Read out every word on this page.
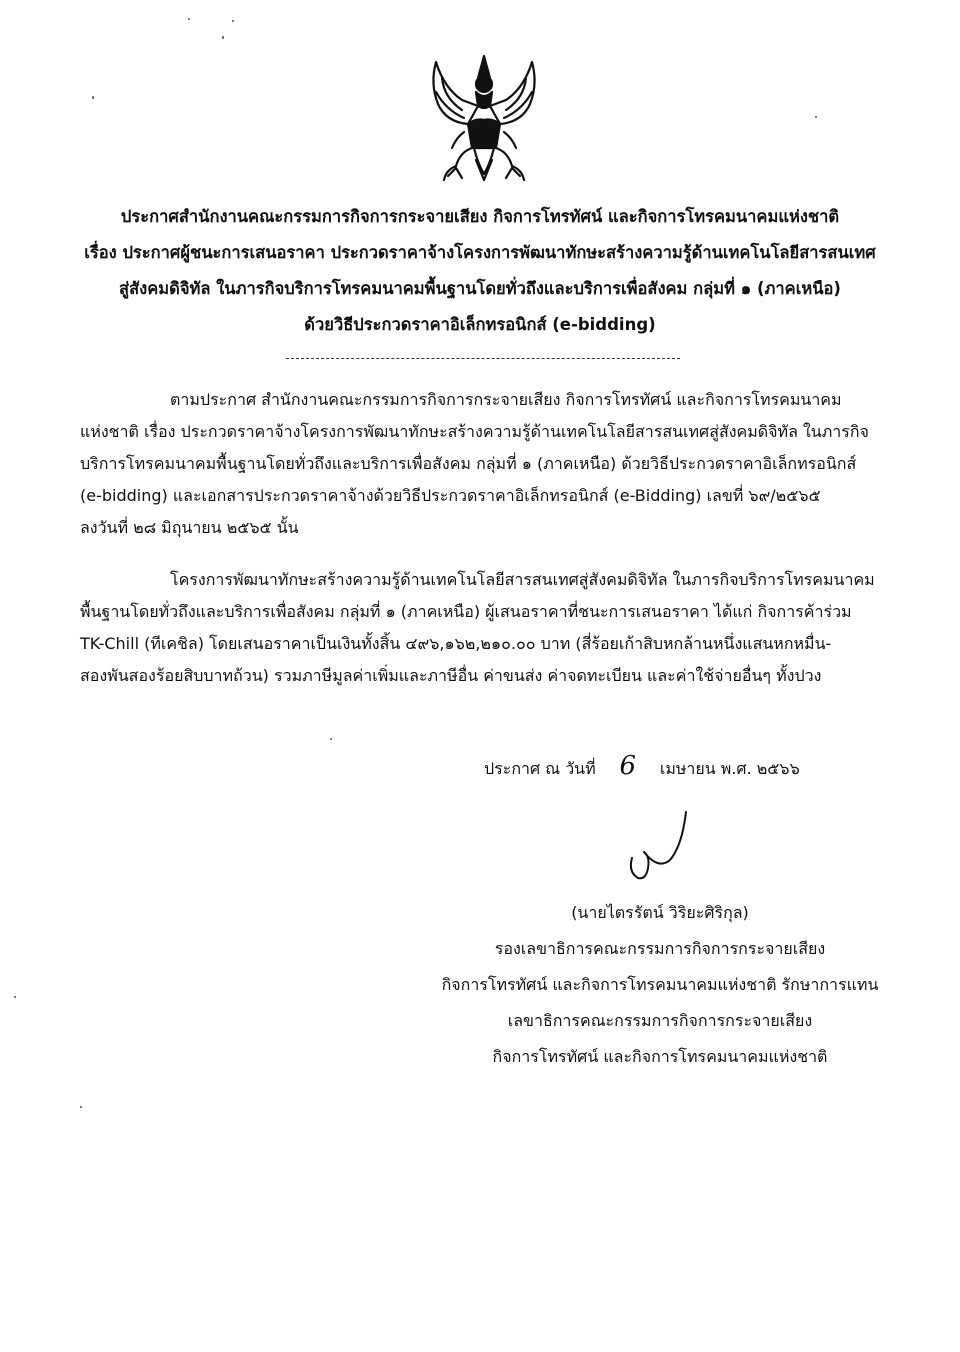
ประกาศสำนักงานคณะกรรมการกิจการกระจายเสียง กิจการโทรทัศน์ และกิจการโทรคมนาคมแห่งชาติ
เรื่อง ประกาศผู้ชนะการเสนอราคา ประกวดราคาจ้างโครงการพัฒนาทักษะสร้างความรู้ด้านเทคโนโลยีสารสนเทศ
สู่สังคมดิจิทัล ในภารกิจบริการโทรคมนาคมพื้นฐานโดยทั่วถึงและบริการเพื่อสังคม กลุ่มที่ ๑ (ภาคเหนือ)
ด้วยวิธีประกวดราคาอิเล็กทรอนิกส์ (e-bidding)
ตามประกาศ สำนักงานคณะกรรมการกิจการกระจายเสียง กิจการโทรทัศน์ และกิจการโทรคมนาคม
แห่งชาติ เรื่อง ประกวดราคาจ้างโครงการพัฒนาทักษะสร้างความรู้ด้านเทคโนโลยีสารสนเทศสู่สังคมดิจิทัล ในภารกิจ
บริการโทรคมนาคมพื้นฐานโดยทั่วถึงและบริการเพื่อสังคม กลุ่มที่ ๑ (ภาคเหนือ) ด้วยวิธีประกวดราคาอิเล็กทรอนิกส์
(e-bidding) และเอกสารประกวดราคาจ้างด้วยวิธีประกวดราคาอิเล็กทรอนิกส์ (e-Bidding) เลขที่ ๖๙/๒๕๖๕
ลงวันที่ ๒๘ มิถุนายน ๒๕๖๕ นั้น
โครงการพัฒนาทักษะสร้างความรู้ด้านเทคโนโลยีสารสนเทศสู่สังคมดิจิทัล ในภารกิจบริการโทรคมนาคม
พื้นฐานโดยทั่วถึงและบริการเพื่อสังคม กลุ่มที่ ๑ (ภาคเหนือ) ผู้เสนอราคาที่ชนะการเสนอราคา ได้แก่ กิจการค้าร่วม
TK-Chill (ทีเคชิล) โดยเสนอราคาเป็นเงินทั้งสิ้น ๔๙๖,๑๖๒,๒๑๐.๐๐ บาท (สี่ร้อยเก้าสิบหกล้านหนึ่งแสนหกหมื่น-
สองพันสองร้อยสิบบาทถ้วน) รวมภาษีมูลค่าเพิ่มและภาษีอื่น ค่าขนส่ง ค่าจดทะเบียน และค่าใช้จ่ายอื่นๆ ทั้งปวง
ประกาศ ณ วันที่ 6 เมษายน พ.ศ. ๒๕๖๖
(นายไตรรัตน์ วิริยะศิริกุล)
รองเลขาธิการคณะกรรมการกิจการกระจายเสียง
กิจการโทรทัศน์ และกิจการโทรคมนาคมแห่งชาติ รักษาการแทน
เลขาธิการคณะกรรมการกิจการกระจายเสียง
กิจการโทรทัศน์ และกิจการโทรคมนาคมแห่งชาติ
